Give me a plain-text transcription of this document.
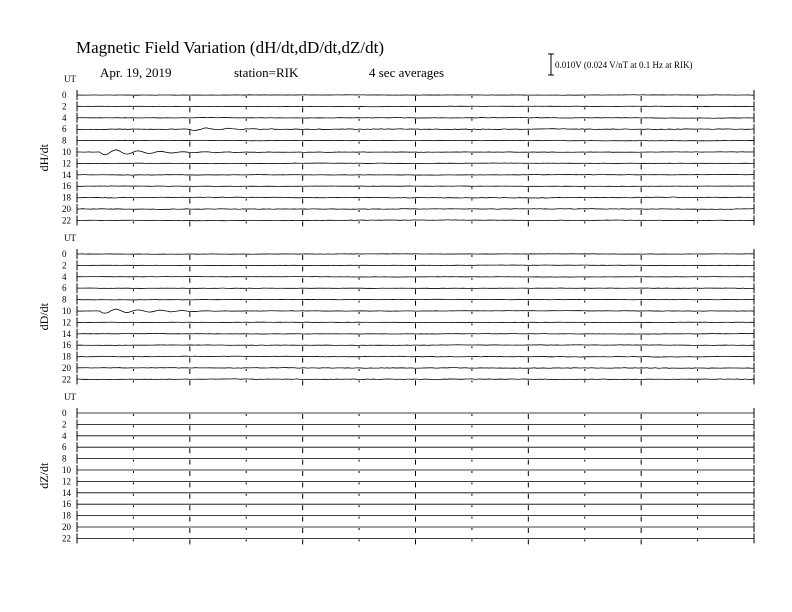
Magnetic Field Variation (dH/dt,dD/dt,dZ/dt)
Apr. 19, 2019	station=RIK	4 sec averages	0.010V (0.024 V/nT at 0.1 Hz at RIK)
UT
dH/dt
0
2
4
6
8
10
12
14
16
18
20
22
UT
dD/dt
0
2
4
6
8
10
12
14
16
18
20
22
UT
dZ/dt
0
2
4
6
8
10
12
14
16
18
20
22
